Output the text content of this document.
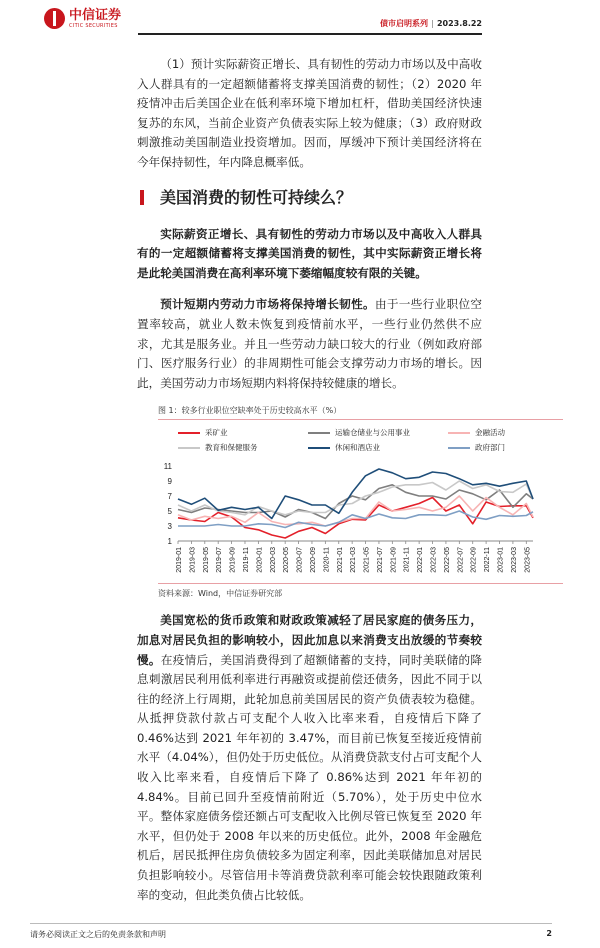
中信证券
CITIC SECURITIES	债市启明系列 | 2023.8.22

（1）预计实际薪资正增长、具有韧性的劳动力市场以及中高收入人群具有的一定超额储蓄将支撑美国消费的韧性；（2）2020 年疫情冲击后美国企业在低利率环境下增加杠杆，借助美国经济快速复苏的东风，当前企业资产负债表实际上较为健康；（3）政府财政刺激推动美国制造业投资增加。因而，厚缓冲下预计美国经济将在今年保持韧性，年内降息概率低。

美国消费的韧性可持续么？

实际薪资正增长、具有韧性的劳动力市场以及中高收入人群具有的一定超额储蓄将支撑美国消费的韧性，其中实际薪资正增长将是此轮美国消费在高利率环境下萎缩幅度较有限的关键。

预计短期内劳动力市场将保持增长韧性。由于一些行业职位空置率较高，就业人数未恢复到疫情前水平，一些行业仍然供不应求，尤其是服务业。并且一些劳动力缺口较大的行业（例如政府部门、医疗服务行业）的非周期性可能会支撑劳动力市场的增长。因此，美国劳动力市场短期内料将保持较健康的增长。

图 1：较多行业职位空缺率处于历史较高水平（%）
采矿业	运输仓储业与公用事业	金融活动
教育和保健服务	休闲和酒店业	政府部门
1
3
5
7
9
11
2019-01 2019-03 2019-05 2019-07 2019-09 2019-11 2020-01 2020-03 2020-05 2020-07 2020-09 2020-11 2021-01 2021-03 2021-05 2021-07 2021-09 2021-11 2022-01 2022-03 2022-05 2022-07 2022-09 2022-11 2023-01 2023-03 2023-05
资料来源：Wind，中信证券研究部

美国宽松的货币政策和财政政策减轻了居民家庭的债务压力，加息对居民负担的影响较小，因此加息以来消费支出放缓的节奏较慢。在疫情后，美国消费得到了超额储蓄的支持，同时美联储的降息刺激居民利用低利率进行再融资或提前偿还债务，因此不同于以往的经济上行周期，此轮加息前美国居民的资产负债表较为稳健。从抵押贷款付款占可支配个人收入比率来看，自疫情后下降了 0.46%达到 2021 年年初的 3.47%，而目前已恢复至接近疫情前水平（4.04%），但仍处于历史低位。从消费贷款支付占可支配个人收入比率来看，自疫情后下降了 0.86%达到 2021 年年初的 4.84%。目前已回升至疫情前附近（5.70%），处于历史中位水平。整体家庭债务偿还额占可支配收入比例尽管已恢复至 2020 年水平，但仍处于 2008 年以来的历史低位。此外，2008 年金融危机后，居民抵押住房负债较多为固定利率，因此美联储加息对居民负担影响较小。尽管信用卡等消费贷款利率可能会较快跟随政策利率的变动，但此类负债占比较低。

请务必阅读正文之后的免责条款和声明	2
